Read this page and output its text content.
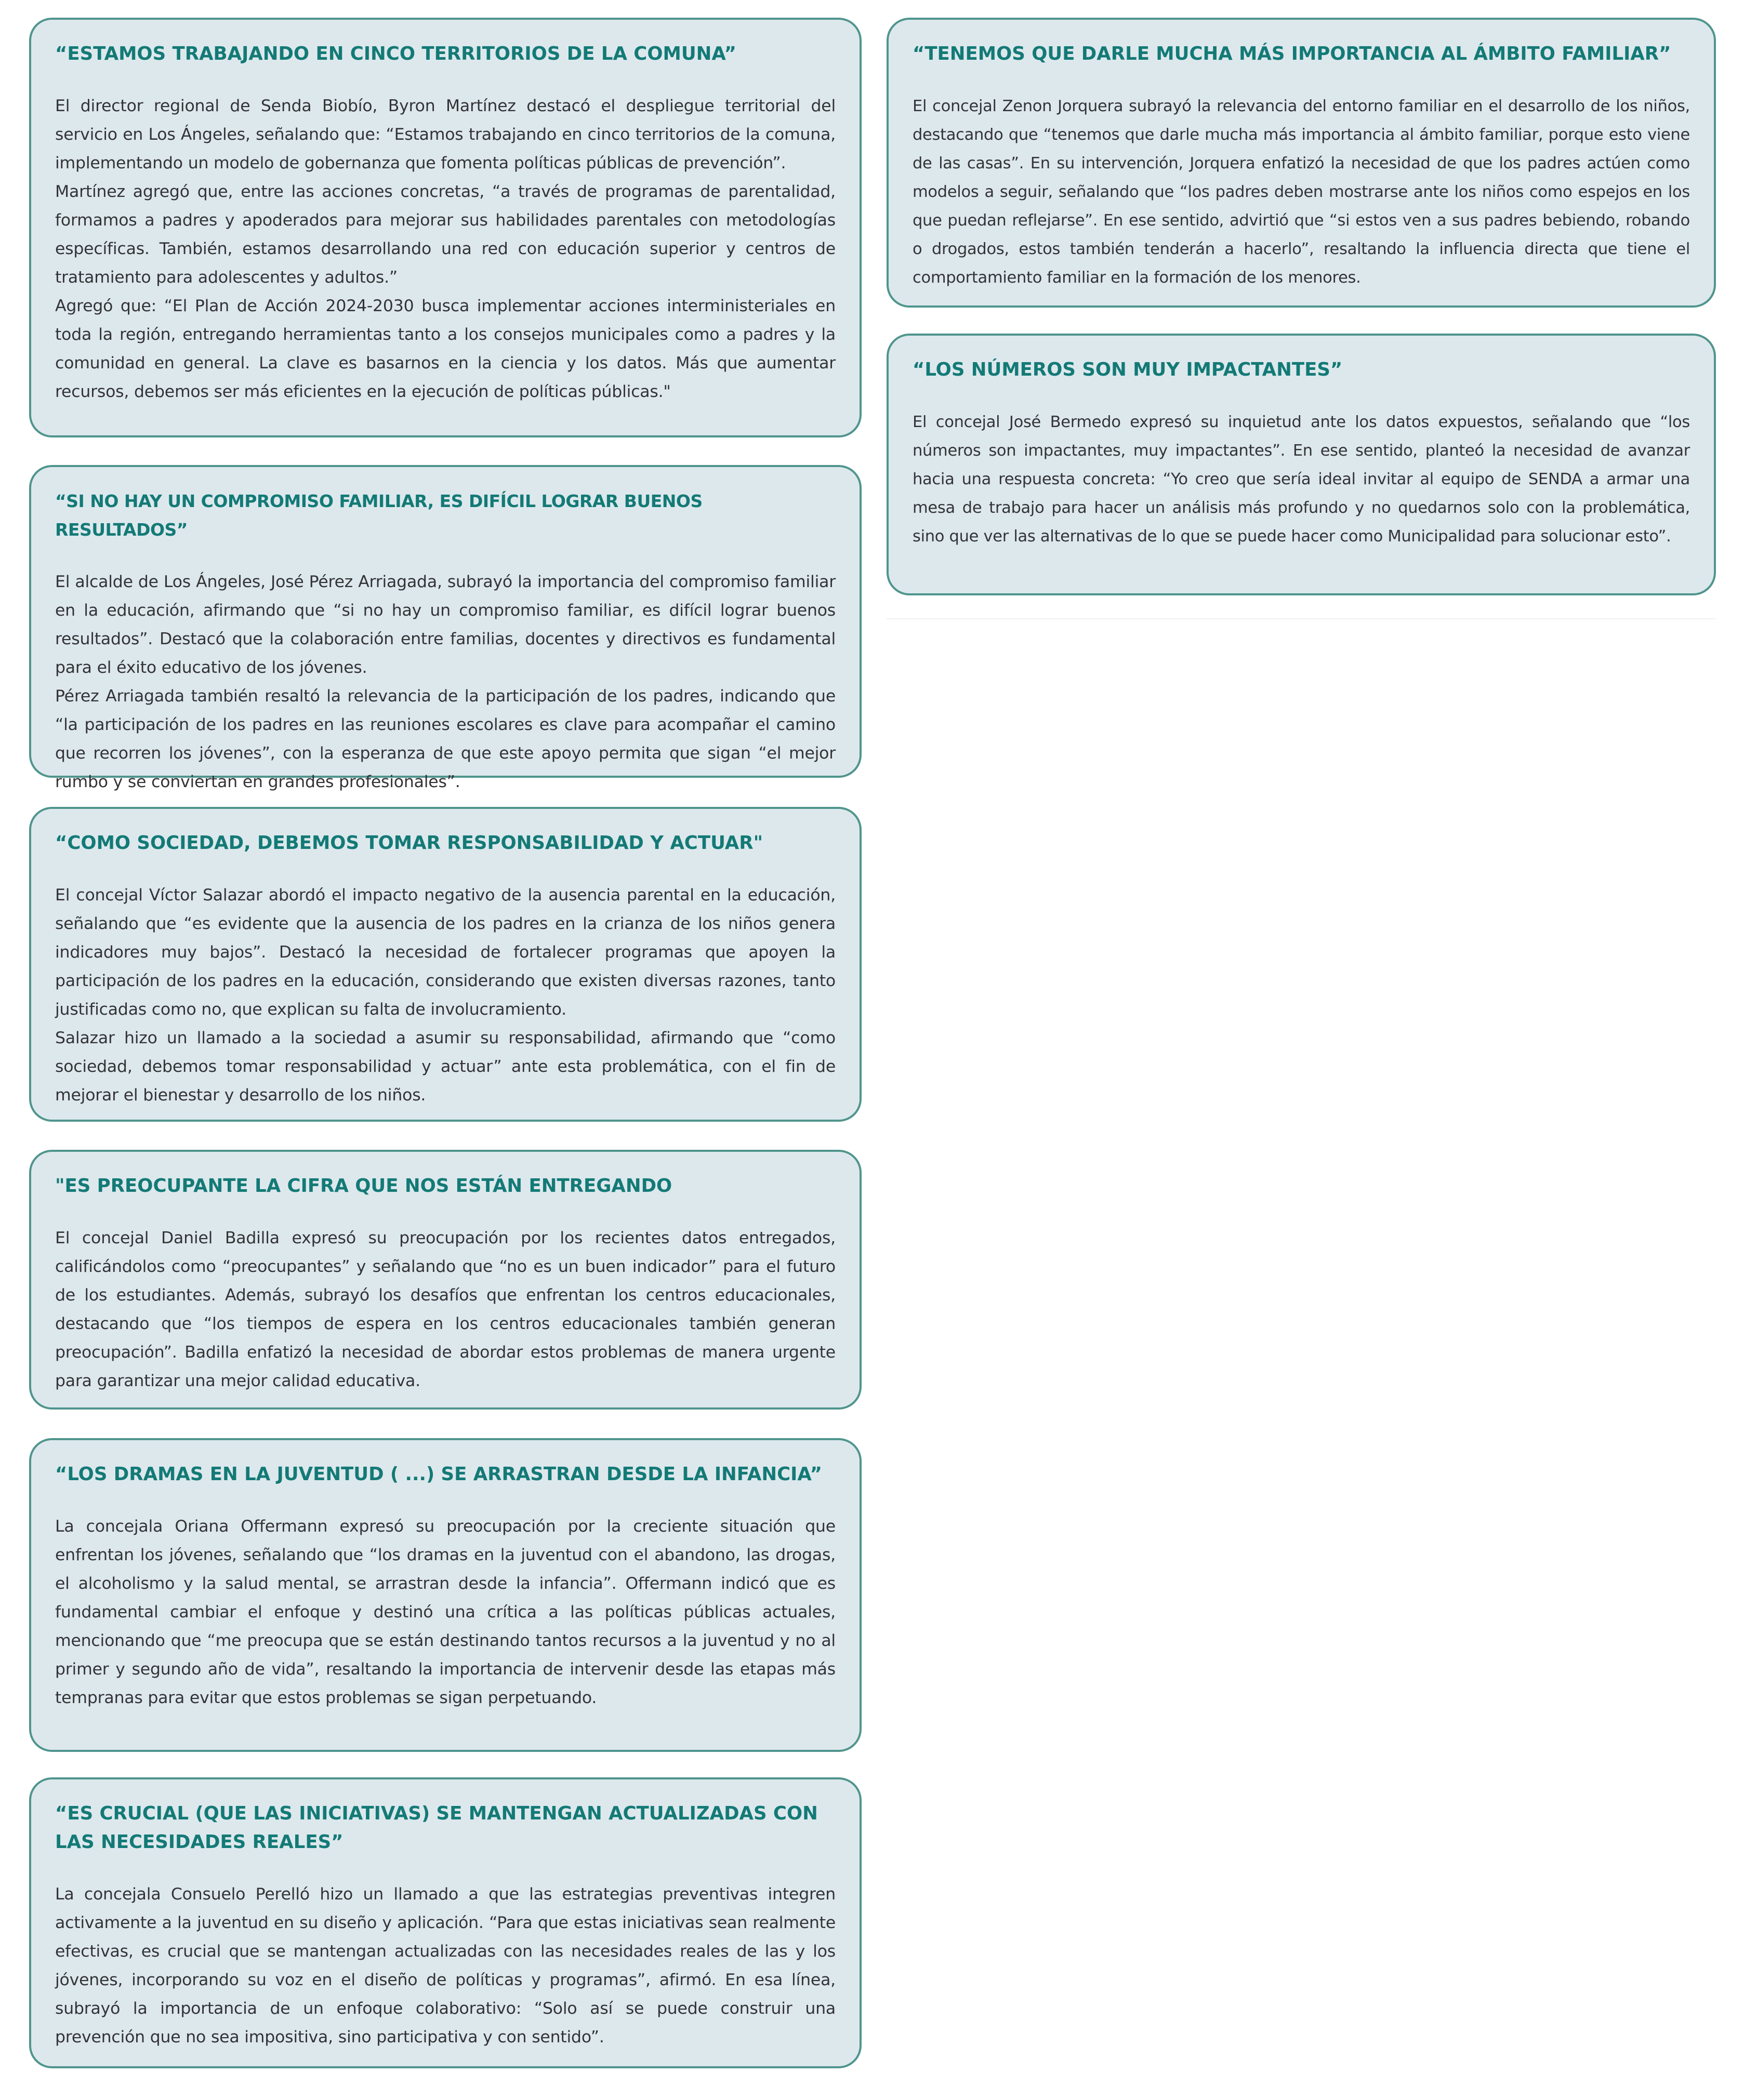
“ESTAMOS TRABAJANDO EN CINCO TERRITORIOS DE LA COMUNA”

El director regional de Senda Biobío, Byron Martínez destacó el despliegue territorial del servicio en Los Ángeles, señalando que: “Estamos trabajando en cinco territorios de la comuna, implementando un modelo de gobernanza que fomenta políticas públicas de prevención”.

Martínez agregó que, entre las acciones concretas, “a través de programas de parentalidad, formamos a padres y apoderados para mejorar sus habilidades parentales con metodologías específicas. También, estamos desarrollando una red con educación superior y centros de tratamiento para adolescentes y adultos.”

Agregó que: “El Plan de Acción 2024-2030 busca implementar acciones interministeriales en toda la región, entregando herramientas tanto a los consejos municipales como a padres y la comunidad en general. La clave es basarnos en la ciencia y los datos. Más que aumentar recursos, debemos ser más eficientes en la ejecución de políticas públicas."

“SI NO HAY UN COMPROMISO FAMILIAR, ES DIFÍCIL LOGRAR BUENOS RESULTADOS”

El alcalde de Los Ángeles, José Pérez Arriagada, subrayó la importancia del compromiso familiar en la educación, afirmando que “si no hay un compromiso familiar, es difícil lograr buenos resultados”. Destacó que la colaboración entre familias, docentes y directivos es fundamental para el éxito educativo de los jóvenes.

Pérez Arriagada también resaltó la relevancia de la participación de los padres, indicando que “la participación de los padres en las reuniones escolares es clave para acompañar el camino que recorren los jóvenes”, con la esperanza de que este apoyo permita que sigan “el mejor rumbo y se conviertan en grandes profesionales”.

“COMO SOCIEDAD, DEBEMOS TOMAR RESPONSABILIDAD Y ACTUAR"

El concejal Víctor Salazar abordó el impacto negativo de la ausencia parental en la educación, señalando que “es evidente que la ausencia de los padres en la crianza de los niños genera indicadores muy bajos”. Destacó la necesidad de fortalecer programas que apoyen la participación de los padres en la educación, considerando que existen diversas razones, tanto justificadas como no, que explican su falta de involucramiento.

Salazar hizo un llamado a la sociedad a asumir su responsabilidad, afirmando que “como sociedad, debemos tomar responsabilidad y actuar” ante esta problemática, con el fin de mejorar el bienestar y desarrollo de los niños.

"ES PREOCUPANTE LA CIFRA QUE NOS ESTÁN ENTREGANDO

El concejal Daniel Badilla expresó su preocupación por los recientes datos entregados, calificándolos como “preocupantes” y señalando que “no es un buen indicador” para el futuro de los estudiantes. Además, subrayó los desafíos que enfrentan los centros educacionales, destacando que “los tiempos de espera en los centros educacionales también generan preocupación”. Badilla enfatizó la necesidad de abordar estos problemas de manera urgente para garantizar una mejor calidad educativa.

“LOS DRAMAS EN LA JUVENTUD ( ...) SE ARRASTRAN DESDE LA INFANCIA”

La concejala Oriana Offermann expresó su preocupación por la creciente situación que enfrentan los jóvenes, señalando que “los dramas en la juventud con el abandono, las drogas, el alcoholismo y la salud mental, se arrastran desde la infancia”. Offermann indicó que es fundamental cambiar el enfoque y destinó una crítica a las políticas públicas actuales, mencionando que “me preocupa que se están destinando tantos recursos a la juventud y no al primer y segundo año de vida”, resaltando la importancia de intervenir desde las etapas más tempranas para evitar que estos problemas se sigan perpetuando.

“ES CRUCIAL (QUE LAS INICIATIVAS) SE MANTENGAN ACTUALIZADAS CON LAS NECESIDADES REALES”

La concejala Consuelo Perelló hizo un llamado a que las estrategias preventivas integren activamente a la juventud en su diseño y aplicación. “Para que estas iniciativas sean realmente efectivas, es crucial que se mantengan actualizadas con las necesidades reales de las y los jóvenes, incorporando su voz en el diseño de políticas y programas”, afirmó. En esa línea, subrayó la importancia de un enfoque colaborativo: “Solo así se puede construir una prevención que no sea impositiva, sino participativa y con sentido”.

“TENEMOS QUE DARLE MUCHA MÁS IMPORTANCIA AL ÁMBITO FAMILIAR”

El concejal Zenon Jorquera subrayó la relevancia del entorno familiar en el desarrollo de los niños, destacando que “tenemos que darle mucha más importancia al ámbito familiar, porque esto viene de las casas”. En su intervención, Jorquera enfatizó la necesidad de que los padres actúen como modelos a seguir, señalando que “los padres deben mostrarse ante los niños como espejos en los que puedan reflejarse”. En ese sentido, advirtió que “si estos ven a sus padres bebiendo, robando o drogados, estos también tenderán a hacerlo”, resaltando la influencia directa que tiene el comportamiento familiar en la formación de los menores.

“LOS NÚMEROS SON MUY IMPACTANTES”

El concejal José Bermedo expresó su inquietud ante los datos expuestos, señalando que “los números son impactantes, muy impactantes”. En ese sentido, planteó la necesidad de avanzar hacia una respuesta concreta: “Yo creo que sería ideal invitar al equipo de SENDA a armar una mesa de trabajo para hacer un análisis más profundo y no quedarnos solo con la problemática, sino que ver las alternativas de lo que se puede hacer como Municipalidad para solucionar esto”.
